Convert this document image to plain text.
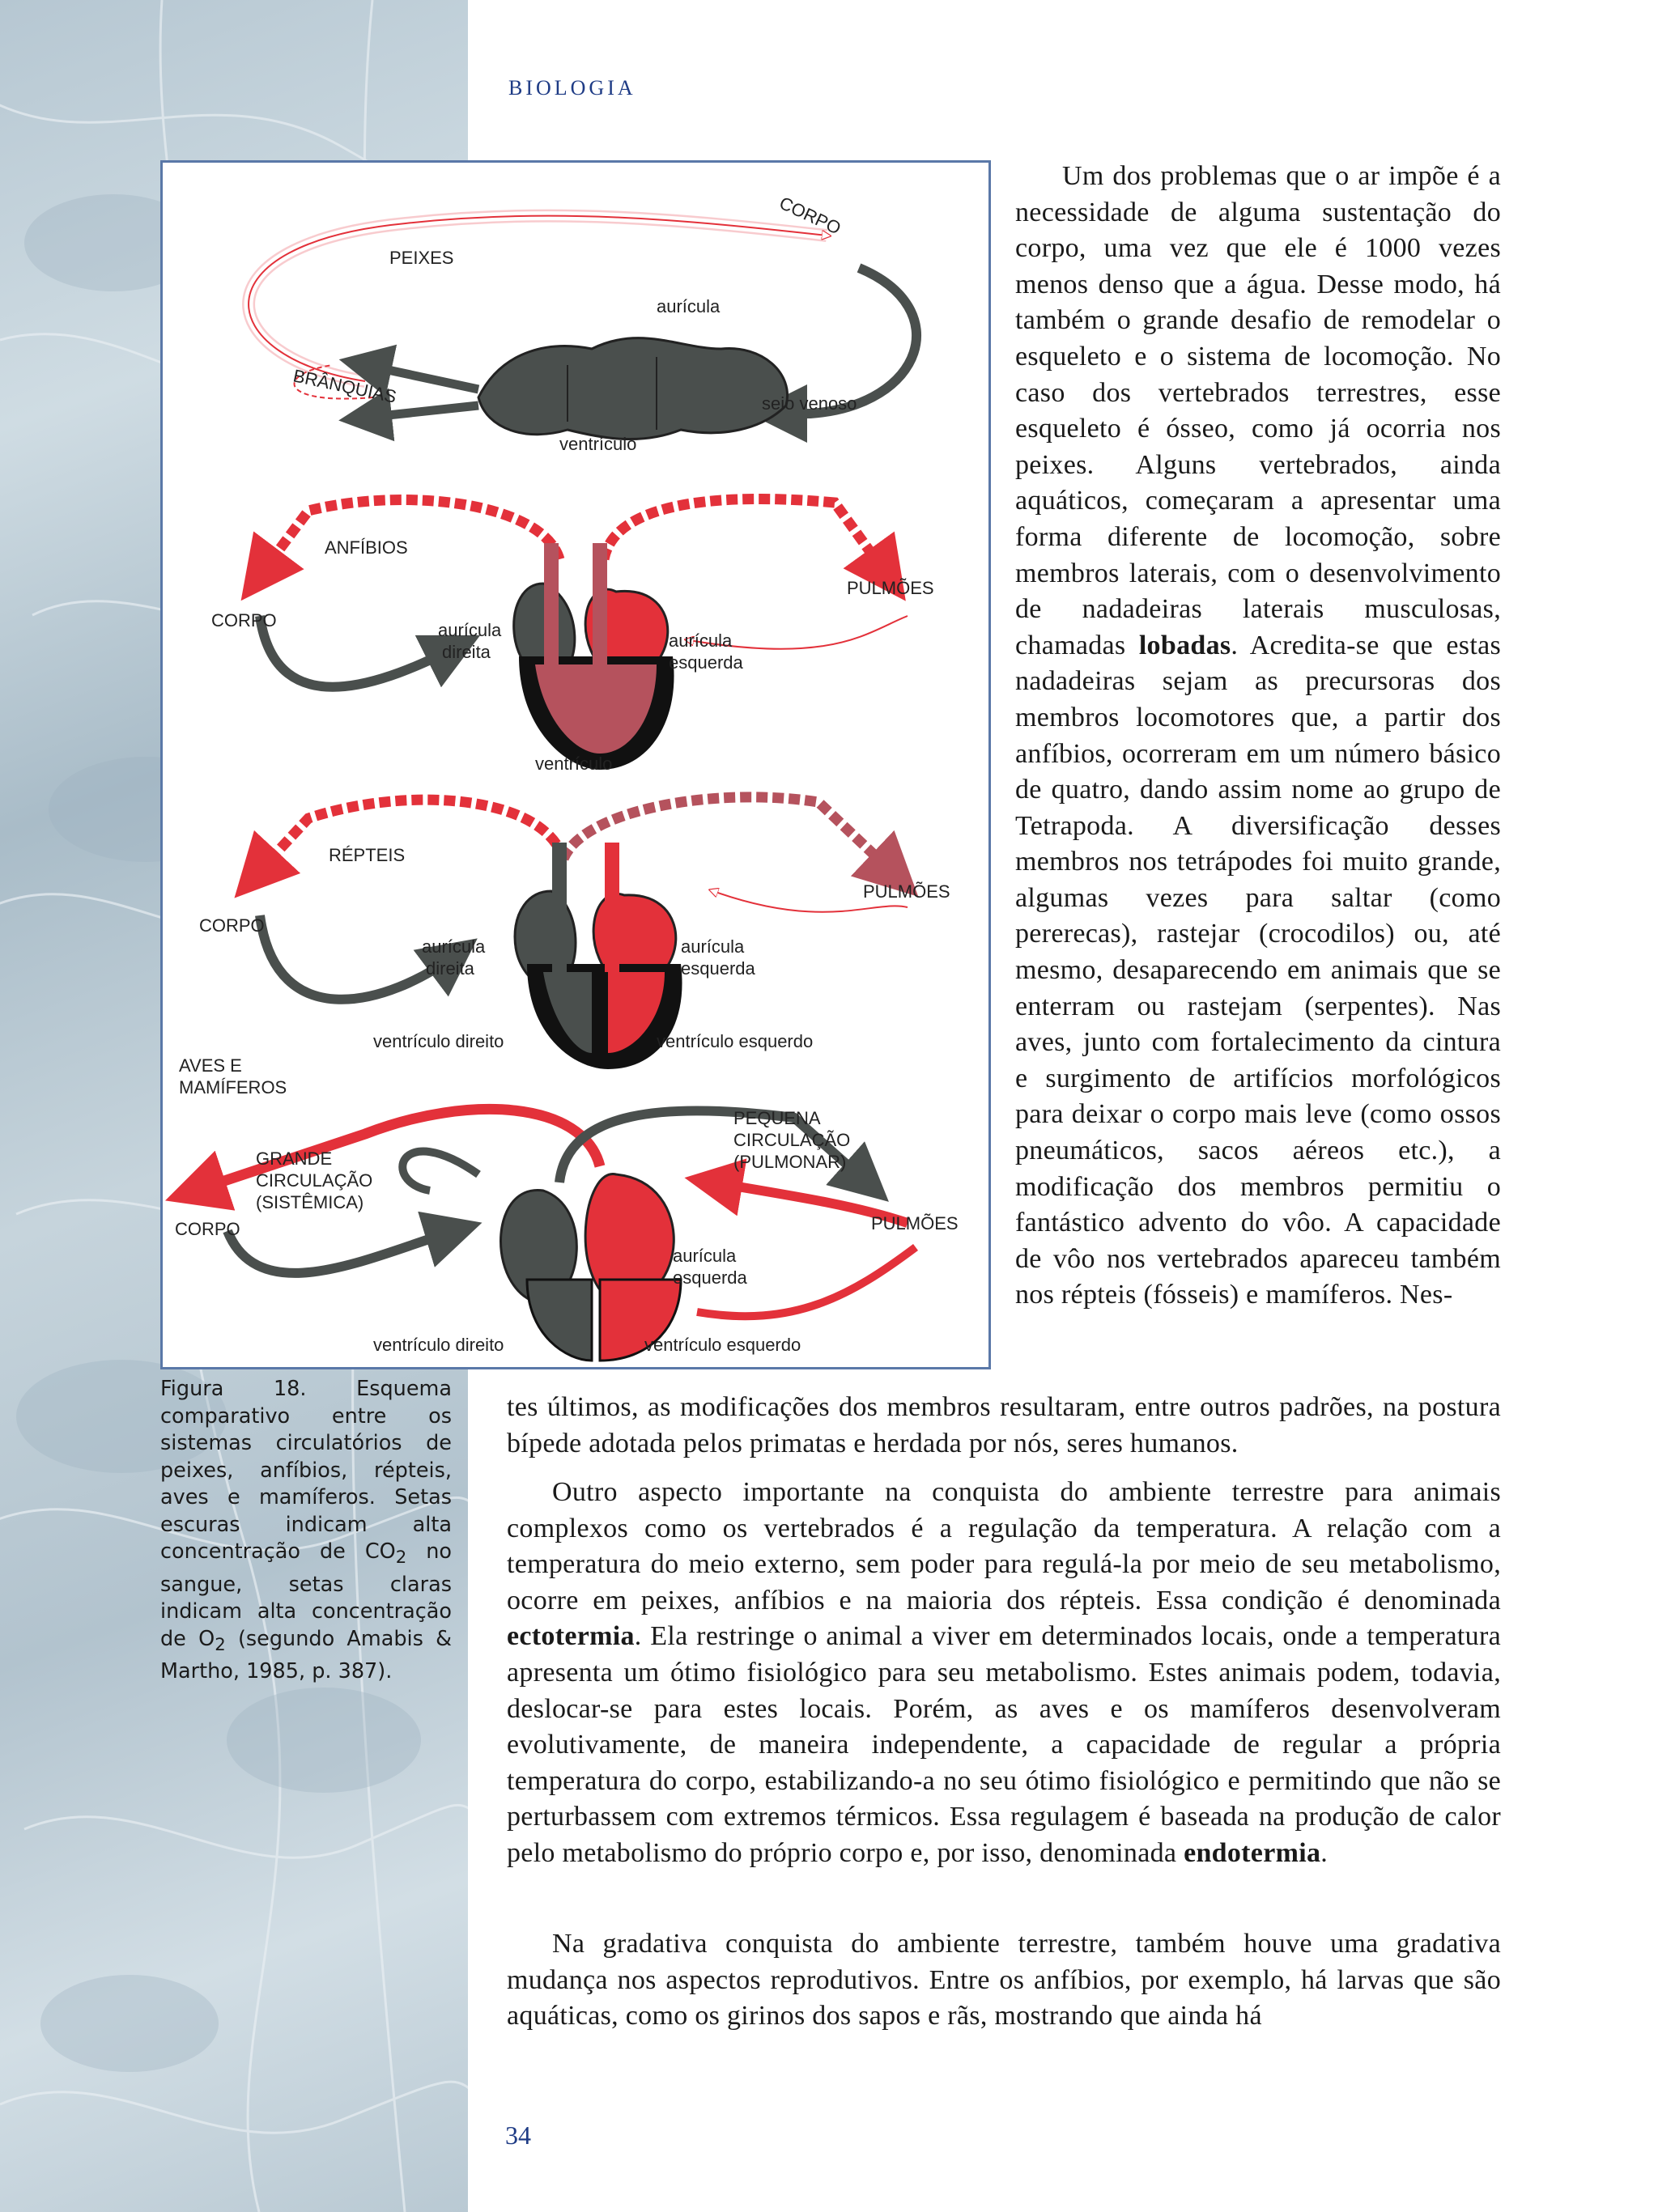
BIOLOGIA
PEIXES
CORPO
BRÂNQUIAS
aurícula
seio venoso
ventrículo
ANFÍBIOS
CORPO
PULMÕES
aurícula
direita
aurícula
esquerda
ventrículo
RÉPTEIS
CORPO
PULMÕES
aurícula
direita
aurícula
esquerda
ventrículo direito	ventrículo esquerdo
AVES E
MAMÍFEROS
GRANDE
CIRCULAÇÃO
(SISTÊMICA)
CORPO
PEQUENA
CIRCULAÇÃO
(PULMONAR)
PULMÕES
aurícula
esquerda
ventrículo direito	ventrículo esquerdo

Figura 18. Esquema comparativo entre os sistemas circulatórios de peixes, anfíbios, répteis, aves e mamíferos. Setas escuras indicam alta concentração de $CO_2$ no sangue, setas claras indicam alta concentração de $O_2$ (segundo Amabis & Martho, 1985, p. 387).

Um dos problemas que o ar impõe é a necessidade de alguma sustentação do corpo, uma vez que ele é 1000 vezes menos denso que a água. Desse modo, há também o grande desafio de remodelar o esqueleto e o sistema de locomoção. No caso dos vertebrados terrestres, esse esqueleto é ósseo, como já ocorria nos peixes. Alguns vertebrados, ainda aquáticos, começaram a apresentar uma forma diferente de locomoção, sobre membros laterais, com o desenvolvimento de nadadeiras laterais musculosas, chamadas lobadas. Acredita-se que estas nadadeiras sejam as precursoras dos membros locomotores que, a partir dos anfíbios, ocorreram em um número básico de quatro, dando assim nome ao grupo de Tetrapoda. A diversificação desses membros nos tetrápodes foi muito grande, algumas vezes para saltar (como pererecas), rastejar (crocodilos) ou, até mesmo, desaparecendo em animais que se enterram ou rastejam (serpentes). Nas aves, junto com fortalecimento da cintura e surgimento de artifícios morfológicos para deixar o corpo mais leve (como ossos pneumáticos, sacos aéreos etc.), a modificação dos membros permitiu o fantástico advento do vôo. A capacidade de vôo nos vertebrados apareceu também nos répteis (fósseis) e mamíferos. Nes-

tes últimos, as modificações dos membros resultaram, entre outros padrões, na postura bípede adotada pelos primatas e herdada por nós, seres humanos.

Outro aspecto importante na conquista do ambiente terrestre para animais complexos como os vertebrados é a regulação da temperatura. A relação com a temperatura do meio externo, sem poder para regulá-la por meio de seu metabolismo, ocorre em peixes, anfíbios e na maioria dos répteis. Essa condição é denominada ectotermia. Ela restringe o animal a viver em determinados locais, onde a temperatura apresenta um ótimo fisiológico para seu metabolismo. Estes animais podem, todavia, deslocar-se para estes locais. Porém, as aves e os mamíferos desenvolveram evolutivamente, de maneira independente, a capacidade de regular a própria temperatura do corpo, estabilizando-a no seu ótimo fisiológico e permitindo que não se perturbassem com extremos térmicos. Essa regulagem é baseada na produção de calor pelo metabolismo do próprio corpo e, por isso, denominada endotermia.

Na gradativa conquista do ambiente terrestre, também houve uma gradativa mudança nos aspectos reprodutivos. Entre os anfíbios, por exemplo, há larvas que são aquáticas, como os girinos dos sapos e rãs, mostrando que ainda há

34
